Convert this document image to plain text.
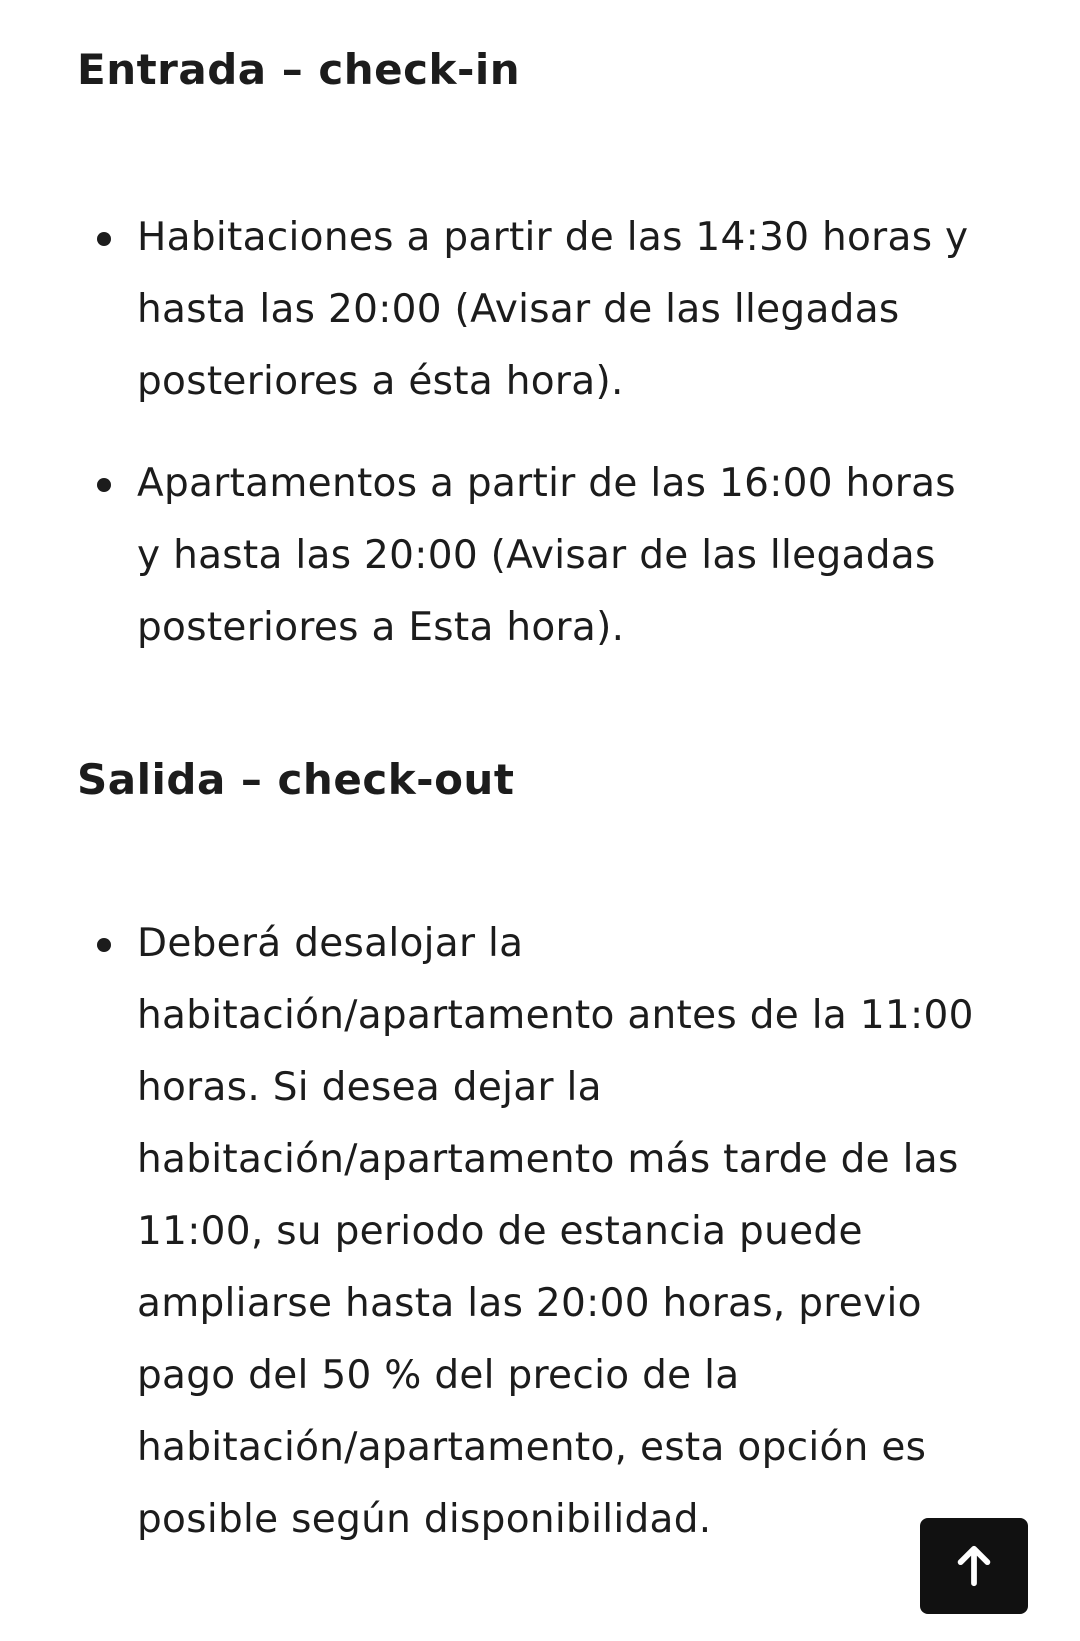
Entrada – check-in
Habitaciones a partir de las 14:30 horas y hasta las 20:00 (Avisar de las llegadas posteriores a ésta hora).
Apartamentos a partir de las 16:00 horas y hasta las 20:00 (Avisar de las llegadas posteriores a Esta hora).
Salida – check-out
Deberá desalojar la habitación/apartamento antes de la 11:00 horas. Si desea dejar la habitación/apartamento más tarde de las 11:00, su periodo de estancia puede ampliarse hasta las 20:00 horas, previo pago del 50 % del precio de la habitación/apartamento, esta opción es posible según disponibilidad.
